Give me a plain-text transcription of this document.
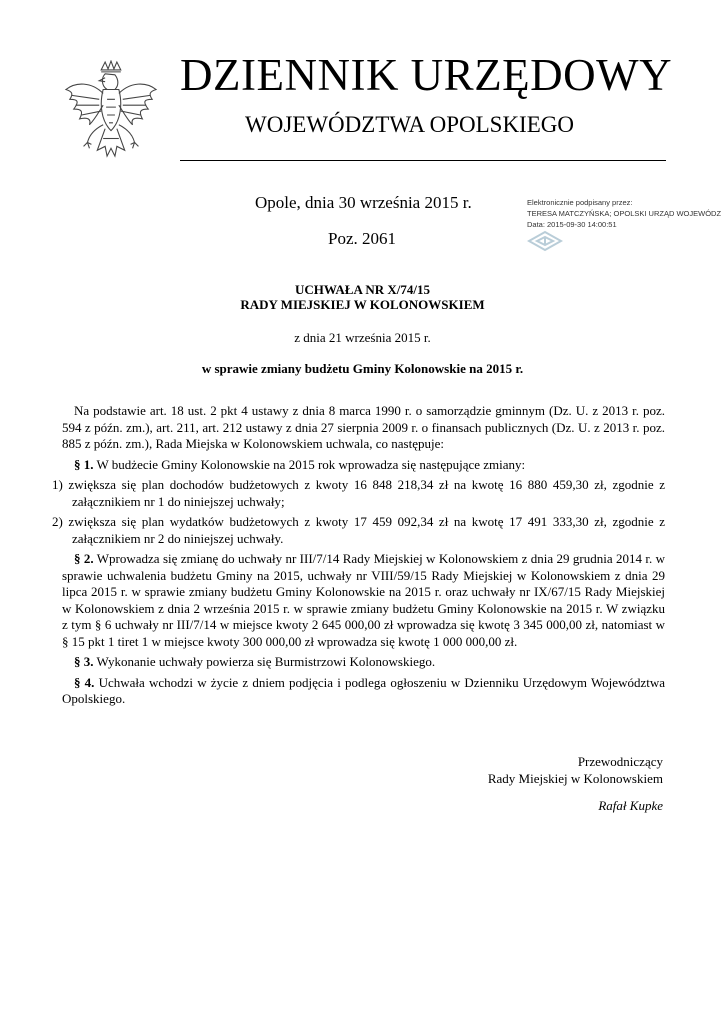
DZIENNIK URZĘDOWY
WOJEWÓDZTWA OPOLSKIEGO
Opole, dnia 30 września 2015 r.
Poz. 2061
Elektronicznie podpisany przez:
TERESA MATCZYŃSKA; OPOLSKI URZĄD WOJEWÓDZ
Data: 2015-09-30 14:00:51
UCHWAŁA NR X/74/15
RADY MIEJSKIEJ W KOLONOWSKIEM
z dnia 21 września 2015 r.
w sprawie zmiany budżetu Gminy Kolonowskie na 2015 r.
Na podstawie art. 18 ust. 2 pkt 4 ustawy z dnia 8 marca 1990 r. o samorządzie gminnym (Dz. U. z 2013 r. poz. 594 z późn. zm.), art. 211, art. 212 ustawy z dnia 27 sierpnia 2009 r. o finansach publicznych (Dz. U. z 2013 r. poz. 885 z późn. zm.), Rada Miejska w Kolonowskiem uchwala, co następuje:
§ 1. W budżecie Gminy Kolonowskie na 2015 rok wprowadza się następujące zmiany:
1) zwiększa się plan dochodów budżetowych z kwoty 16 848 218,34 zł na kwotę 16 880 459,30 zł, zgodnie z załącznikiem nr 1 do niniejszej uchwały;
2) zwiększa się plan wydatków budżetowych z kwoty 17 459 092,34 zł na kwotę 17 491 333,30 zł, zgodnie z załącznikiem nr 2 do niniejszej uchwały.
§ 2. Wprowadza się zmianę do uchwały nr III/7/14 Rady Miejskiej w Kolonowskiem z dnia 29 grudnia 2014 r. w sprawie uchwalenia budżetu Gminy na 2015, uchwały nr VIII/59/15 Rady Miejskiej w Kolonowskiem z dnia 29 lipca 2015 r. w sprawie zmiany budżetu Gminy Kolonowskie na 2015 r. oraz uchwały nr IX/67/15 Rady Miejskiej w Kolonowskiem z dnia 2 września 2015 r. w sprawie zmiany budżetu Gminy Kolonowskie na 2015 r. W związku z tym § 6 uchwały nr III/7/14 w miejsce kwoty 2 645 000,00 zł wprowadza się kwotę 3 345 000,00 zł, natomiast w § 15 pkt 1 tiret 1 w miejsce kwoty 300 000,00 zł wprowadza się kwotę 1 000 000,00 zł.
§ 3. Wykonanie uchwały powierza się Burmistrzowi Kolonowskiego.
§ 4. Uchwała wchodzi w życie z dniem podjęcia i podlega ogłoszeniu w Dzienniku Urzędowym Województwa Opolskiego.
Przewodniczący
Rady Miejskiej w Kolonowskiem
Rafał Kupke
